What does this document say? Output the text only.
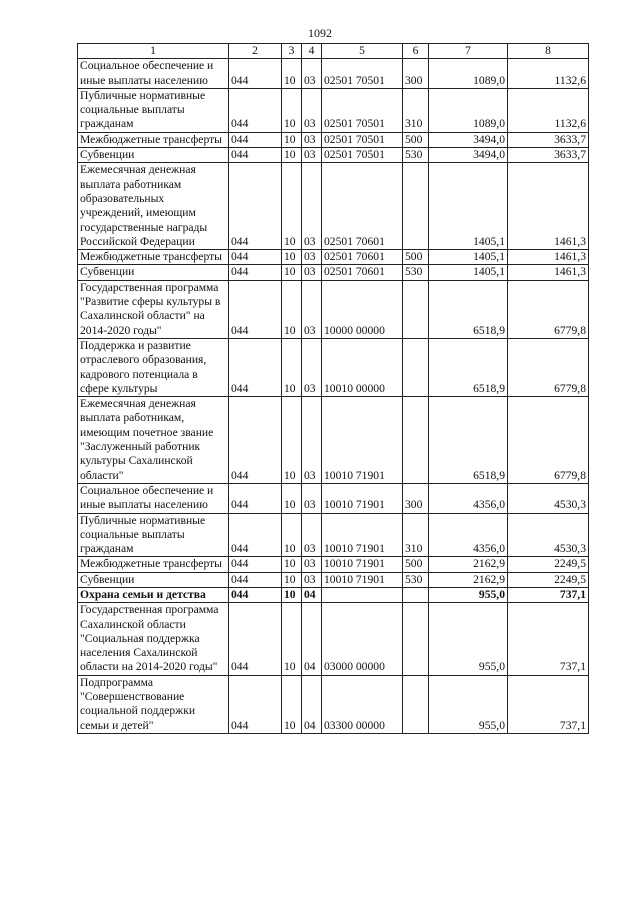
1092
1	2	3	4	5	6	7	8
Социальное обеспечение и иные выплаты населению	044	10	03	02501 70501	300	1089,0	1132,6
Публичные нормативные социальные выплаты гражданам	044	10	03	02501 70501	310	1089,0	1132,6
Межбюджетные трансферты	044	10	03	02501 70501	500	3494,0	3633,7
Субвенции	044	10	03	02501 70501	530	3494,0	3633,7
Ежемесячная денежная выплата работникам образовательных учреждений, имеющим государственные награды Российской Федерации	044	10	03	02501 70601		1405,1	1461,3
Межбюджетные трансферты	044	10	03	02501 70601	500	1405,1	1461,3
Субвенции	044	10	03	02501 70601	530	1405,1	1461,3
Государственная программа "Развитие сферы культуры в Сахалинской области" на 2014-2020 годы"	044	10	03	10000 00000		6518,9	6779,8
Поддержка и развитие отраслевого образования, кадрового потенциала в сфере культуры	044	10	03	10010 00000		6518,9	6779,8
Ежемесячная денежная выплата работникам, имеющим почетное звание "Заслуженный работник культуры Сахалинской области"	044	10	03	10010 71901		6518,9	6779,8
Социальное обеспечение и иные выплаты населению	044	10	03	10010 71901	300	4356,0	4530,3
Публичные нормативные социальные выплаты гражданам	044	10	03	10010 71901	310	4356,0	4530,3
Межбюджетные трансферты	044	10	03	10010 71901	500	2162,9	2249,5
Субвенции	044	10	03	10010 71901	530	2162,9	2249,5
Охрана семьи и детства	044	10	04			955,0	737,1
Государственная программа Сахалинской области "Социальная поддержка населения Сахалинской области на 2014-2020 годы"	044	10	04	03000 00000		955,0	737,1
Подпрограмма "Совершенствование социальной поддержки семьи и детей"	044	10	04	03300 00000		955,0	737,1
